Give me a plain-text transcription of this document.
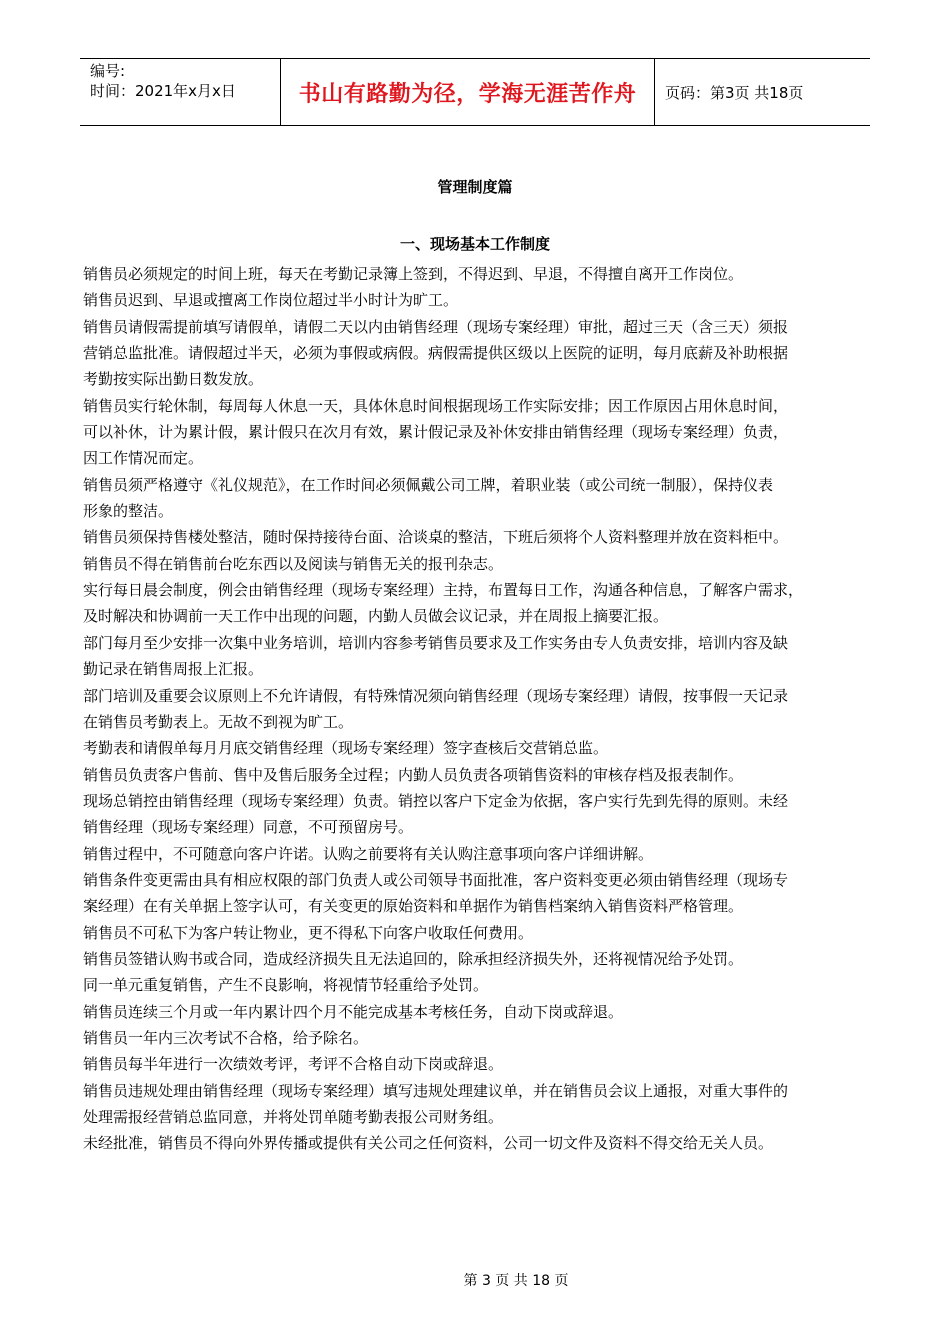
编号:
时间：2021年x月x日	书山有路勤为径，学海无涯苦作舟	页码：第3页 共18页
管理制度篇
一、现场基本工作制度
销售员必须规定的时间上班，每天在考勤记录簿上签到，不得迟到、早退，不得擅自离开工作岗位。
销售员迟到、早退或擅离工作岗位超过半小时计为旷工。
销售员请假需提前填写请假单，请假二天以内由销售经理（现场专案经理）审批，超过三天（含三天）须报
营销总监批准。请假超过半天，必须为事假或病假。病假需提供区级以上医院的证明，每月底薪及补助根据
考勤按实际出勤日数发放。
销售员实行轮休制，每周每人休息一天，具体休息时间根据现场工作实际安排；因工作原因占用休息时间，
可以补休，计为累计假，累计假只在次月有效，累计假记录及补休安排由销售经理（现场专案经理）负责，
因工作情况而定。
销售员须严格遵守《礼仪规范》，在工作时间必须佩戴公司工牌，着职业装（或公司统一制服），保持仪表
形象的整洁。
销售员须保持售楼处整洁，随时保持接待台面、洽谈桌的整洁，下班后须将个人资料整理并放在资料柜中。
销售员不得在销售前台吃东西以及阅读与销售无关的报刊杂志。
实行每日晨会制度，例会由销售经理（现场专案经理）主持，布置每日工作，沟通各种信息，了解客户需求，
及时解决和协调前一天工作中出现的问题，内勤人员做会议记录，并在周报上摘要汇报。
部门每月至少安排一次集中业务培训，培训内容参考销售员要求及工作实务由专人负责安排，培训内容及缺
勤记录在销售周报上汇报。
部门培训及重要会议原则上不允许请假，有特殊情况须向销售经理（现场专案经理）请假，按事假一天记录
在销售员考勤表上。无故不到视为旷工。
考勤表和请假单每月月底交销售经理（现场专案经理）签字查核后交营销总监。
销售员负责客户售前、售中及售后服务全过程；内勤人员负责各项销售资料的审核存档及报表制作。
现场总销控由销售经理（现场专案经理）负责。销控以客户下定金为依据，客户实行先到先得的原则。未经
销售经理（现场专案经理）同意，不可预留房号。
销售过程中，不可随意向客户许诺。认购之前要将有关认购注意事项向客户详细讲解。
销售条件变更需由具有相应权限的部门负责人或公司领导书面批准，客户资料变更必须由销售经理（现场专
案经理）在有关单据上签字认可，有关变更的原始资料和单据作为销售档案纳入销售资料严格管理。
销售员不可私下为客户转让物业，更不得私下向客户收取任何费用。
销售员签错认购书或合同，造成经济损失且无法追回的，除承担经济损失外，还将视情况给予处罚。
同一单元重复销售，产生不良影响，将视情节轻重给予处罚。
销售员连续三个月或一年内累计四个月不能完成基本考核任务，自动下岗或辞退。
销售员一年内三次考试不合格，给予除名。
销售员每半年进行一次绩效考评，考评不合格自动下岗或辞退。
销售员违规处理由销售经理（现场专案经理）填写违规处理建议单，并在销售员会议上通报，对重大事件的
处理需报经营销总监同意，并将处罚单随考勤表报公司财务组。
未经批准，销售员不得向外界传播或提供有关公司之任何资料，公司一切文件及资料不得交给无关人员。
第 3 页 共 18 页
